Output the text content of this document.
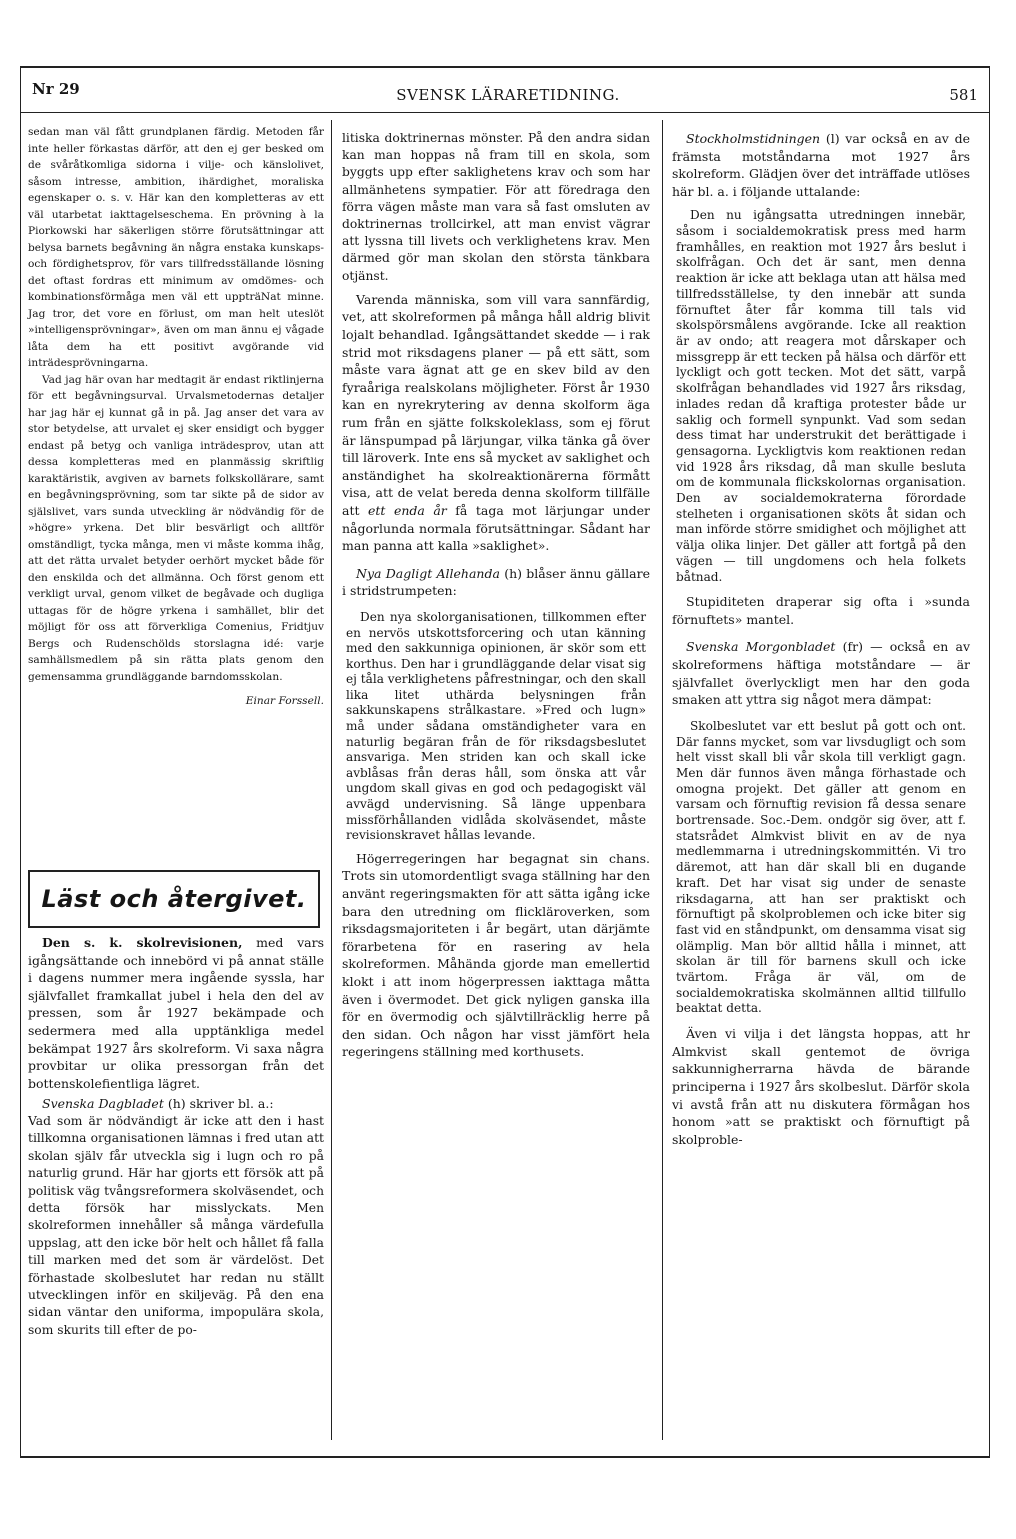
Nr 29	SVENSK LÄRARETIDNING.	581

sedan man väl fått grundplanen färdig. Metoden får inte heller förkastas därför, att den ej ger besked om de svåråtkomliga sidorna i vilje- och känslolivet, såsom intresse, ambition, ihärdighet, moraliska egenskaper o. s. v. Här kan den kompletteras av ett väl utarbetat iakttagelseschema. En prövning à la Piorkowski har säkerligen större förutsättningar att belysa barnets begåvning än några enstaka kunskaps- och fördighetsprov, för vars tillfredsställande lösning det oftast fordras ett minimum av omdömes- och kombinationsförmåga men väl ett uppträNat minne. Jag tror, det vore en förlust, om man helt uteslöt »intelligensprövningar», även om man ännu ej vågade låta dem ha ett positivt avgörande vid inträdesprövningarna.

Vad jag här ovan har medtagit är endast riktlinjerna för ett begåvningsurval. Urvalsmetodernas detaljer har jag här ej kunnat gå in på. Jag anser det vara av stor betydelse, att urvalet ej sker ensidigt och bygger endast på betyg och vanliga inträdesprov, utan att dessa kompletteras med en planmässig skriftlig karaktäristik, avgiven av barnets folkskollärare, samt en begåvningsprövning, som tar sikte på de sidor av själslivet, vars sunda utveckling är nödvändig för de »högre» yrkena. Det blir besvärligt och alltför omständligt, tycka många, men vi måste komma ihåg, att det rätta urvalet betyder oerhört mycket både för den enskilda och det allmänna. Och först genom ett verkligt urval, genom vilket de begåvade och dugliga uttagas för de högre yrkena i samhället, blir det möjligt för oss att förverkliga Comenius, Fridtjuv Bergs och Rudenschölds storslagna idé: varje samhällsmedlem på sin rätta plats genom den gemensamma grundläggande barndomsskolan.

Einar Forssell.

Läst och återgivet.

Den s. k. skolrevisionen, med vars igångsättande och innebörd vi på annat ställe i dagens nummer mera ingående syssla, har självfallet framkallat jubel i hela den del av pressen, som år 1927 bekämpade och sedermera med alla upptänkliga medel bekämpat 1927 års skolreform. Vi saxa några provbitar ur olika pressorgan från det bottenskolefientliga lägret.

Svenska Dagbladet (h) skriver bl. a.:

Vad som är nödvändigt är icke att den i hast tillkomna organisationen lämnas i fred utan att skolan själv får utveckla sig i lugn och ro på naturlig grund. Här har gjorts ett försök att på politisk väg tvångsreformera skolväsendet, och detta försök har misslyckats. Men skolreformen innehåller så många värdefulla uppslag, att den icke bör helt och hållet få falla till marken med det som är värdelöst. Det förhastade skolbeslutet har redan nu ställt utvecklingen inför en skiljeväg. På den ena sidan väntar den uniforma, impopulära skola, som skurits till efter de po-

litiska doktrinernas mönster. På den andra sidan kan man hoppas nå fram till en skola, som byggts upp efter saklighetens krav och som har allmänhetens sympatier. För att föredraga den förra vägen måste man vara så fast omsluten av doktrinernas trollcirkel, att man envist vägrar att lyssna till livets och verklighetens krav. Men därmed gör man skolan den största tänkbara otjänst.

Varenda människa, som vill vara sannfärdig, vet, att skolreformen på många håll aldrig blivit lojalt behandlad. Igångsättandet skedde — i rak strid mot riksdagens planer — på ett sätt, som måste vara ägnat att ge en skev bild av den fyraåriga realskolans möjligheter. Först år 1930 kan en nyrekrytering av denna skolform äga rum från en sjätte folkskoleklass, som ej förut är länspumpad på lärjungar, vilka tänka gå över till läroverk. Inte ens så mycket av saklighet och anständighet ha skolreaktionärerna förmått visa, att de velat bereda denna skolform tillfälle att ett enda år få taga mot lärjungar under någorlunda normala förutsättningar. Sådant har man panna att kalla »saklighet».

Nya Dagligt Allehanda (h) blåser ännu gällare i stridstrumpeten:

Den nya skolorganisationen, tillkommen efter en nervös utskottsforcering och utan känning med den sakkunniga opinionen, är skör som ett korthus. Den har i grundläggande delar visat sig ej tåla verklighetens påfrestningar, och den skall lika litet uthärda belysningen från sakkunskapens strålkastare. »Fred och lugn» må under sådana omständigheter vara en naturlig begäran från de för riksdagsbeslutet ansvariga. Men striden kan och skall icke avblåsas från deras håll, som önska att vår ungdom skall givas en god och pedagogiskt väl avvägd undervisning. Så länge uppenbara missförhållanden vidlåda skolväsendet, måste revisionskravet hållas levande.

Högerregeringen har begagnat sin chans. Trots sin utomordentligt svaga ställning har den använt regeringsmakten för att sätta igång icke bara den utredning om flickläroverken, som riksdagsmajoriteten i år begärt, utan därjämte förarbetena för en rasering av hela skolreformen. Måhända gjorde man emellertid klokt i att inom högerpressen iakttaga måtta även i övermodet. Det gick nyligen ganska illa för en övermodig och självtillräcklig herre på den sidan. Och någon har visst jämfört hela regeringens ställning med korthusets.

Stockholmstidningen (l) var också en av de främsta motståndarna mot 1927 års skolreform. Glädjen över det inträffade utlöses här bl. a. i följande uttalande:

Den nu igångsatta utredningen innebär, såsom i socialdemokratisk press med harm framhålles, en reaktion mot 1927 års beslut i skolfrågan. Och det är sant, men denna reaktion är icke att beklaga utan att hälsa med tillfredsställelse, ty den innebär att sunda förnuftet åter får komma till tals vid skolspörsmålens avgörande. Icke all reaktion är av ondo; att reagera mot dårskaper och missgrepp är ett tecken på hälsa och därför ett lyckligt och gott tecken. Mot det sätt, varpå skolfrågan behandlades vid 1927 års riksdag, inlades redan då kraftiga protester både ur saklig och formell synpunkt. Vad som sedan dess timat har understrukit det berättigade i gensagorna. Lyckligtvis kom reaktionen redan vid 1928 års riksdag, då man skulle besluta om de kommunala flickskolornas organisation. Den av socialdemokraterna förordade stelheten i organisationen sköts åt sidan och man införde större smidighet och möjlighet att välja olika linjer. Det gäller att fortgå på den vägen — till ungdomens och hela folkets båtnad.

Stupiditeten draperar sig ofta i »sunda förnuftets» mantel.

Svenska Morgonbladet (fr) — också en av skolreformens häftiga motståndare — är självfallet överlyckligt men har den goda smaken att yttra sig något mera dämpat:

Skolbeslutet var ett beslut på gott och ont. Där fanns mycket, som var livsdugligt och som helt visst skall bli vår skola till verkligt gagn. Men där funnos även många förhastade och omogna projekt. Det gäller att genom en varsam och förnuftig revision få dessa senare bortrensade. Soc.-Dem. ondgör sig över, att f. statsrådet Almkvist blivit en av de nya medlemmarna i utredningskommittén. Vi tro däremot, att han där skall bli en dugande kraft. Det har visat sig under de senaste riksdagarna, att han ser praktiskt och förnuftigt på skolproblemen och icke biter sig fast vid en ståndpunkt, om densamma visat sig olämplig. Man bör alltid hålla i minnet, att skolan är till för barnens skull och icke tvärtom. Fråga är väl, om de socialdemokratiska skolmännen alltid tillfullo beaktat detta.

Även vi vilja i det längsta hoppas, att hr Almkvist skall gentemot de övriga sakkunnigherrarna hävda de bärande principerna i 1927 års skolbeslut. Därför skola vi avstå från att nu diskutera förmågan hos honom »att se praktiskt och förnuftigt på skolproble-
